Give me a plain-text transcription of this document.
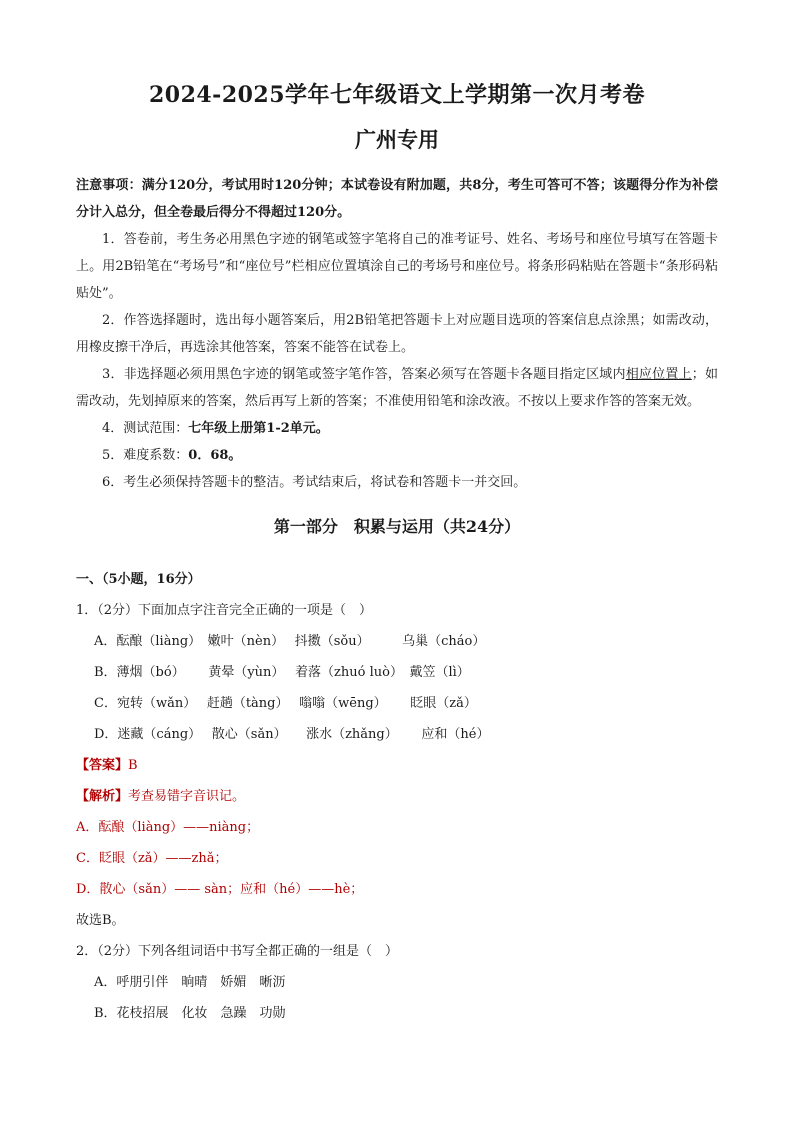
2024-2025学年七年级语文上学期第一次月考卷
广州专用

注意事项：满分120分，考试用时120分钟；本试卷设有附加题，共8分，考生可答可不答；该题得分作为补偿分计入总分，但全卷最后得分不得超过120分。

1．答卷前，考生务必用黑色字迹的钢笔或签字笔将自己的准考证号、姓名、考场号和座位号填写在答题卡上。用2B铅笔在“考场号”和“座位号”栏相应位置填涂自己的考场号和座位号。将条形码粘贴在答题卡“条形码粘贴处”。

2．作答选择题时，选出每小题答案后，用2B铅笔把答题卡上对应题目选项的答案信息点涂黑；如需改动，用橡皮擦干净后，再选涂其他答案，答案不能答在试卷上。

3．非选择题必须用黑色字迹的钢笔或签字笔作答，答案必须写在答题卡各题目指定区域内相应位置上；如需改动，先划掉原来的答案，然后再写上新的答案；不准使用铅笔和涂改液。不按以上要求作答的答案无效。

4．测试范围：七年级上册第1-2单元。

5．难度系数：0．68。

6．考生必须保持答题卡的整洁。考试结束后，将试卷和答题卡一并交回。

第一部分　积累与运用（共24分）

一、（5小题，16分）

1．（2分）下面加点字注音完全正确的一项是（　）

A．酝酿（liàng）　嫩叶（nèn）　 抖擞（sǒu）　　　乌巢（cháo）

B．薄烟（bó）　　 黄晕（yùn）　 着落（zhuó luò）　戴笠（lì）

C．宛转（wǎn）　 赶趟（tàng）　 嗡嗡（wēng）　　 眨眼（zǎ）

D．迷藏（cáng）　 散心（sǎn）　　涨水（zhǎng）　　 应和（hé）

【答案】B

【解析】考查易错字音识记。

A．酝酿（liàng）——niàng；

C．眨眼（zǎ）——zhǎ；

D．散心（sǎn）—— sàn；应和（hé）——hè；

故选B。

2．（2分）下列各组词语中书写全都正确的一组是（　）

A．呼朋引伴　晌晴　娇媚　晰沥

B．花枝招展　化妆　急躁　功勋
